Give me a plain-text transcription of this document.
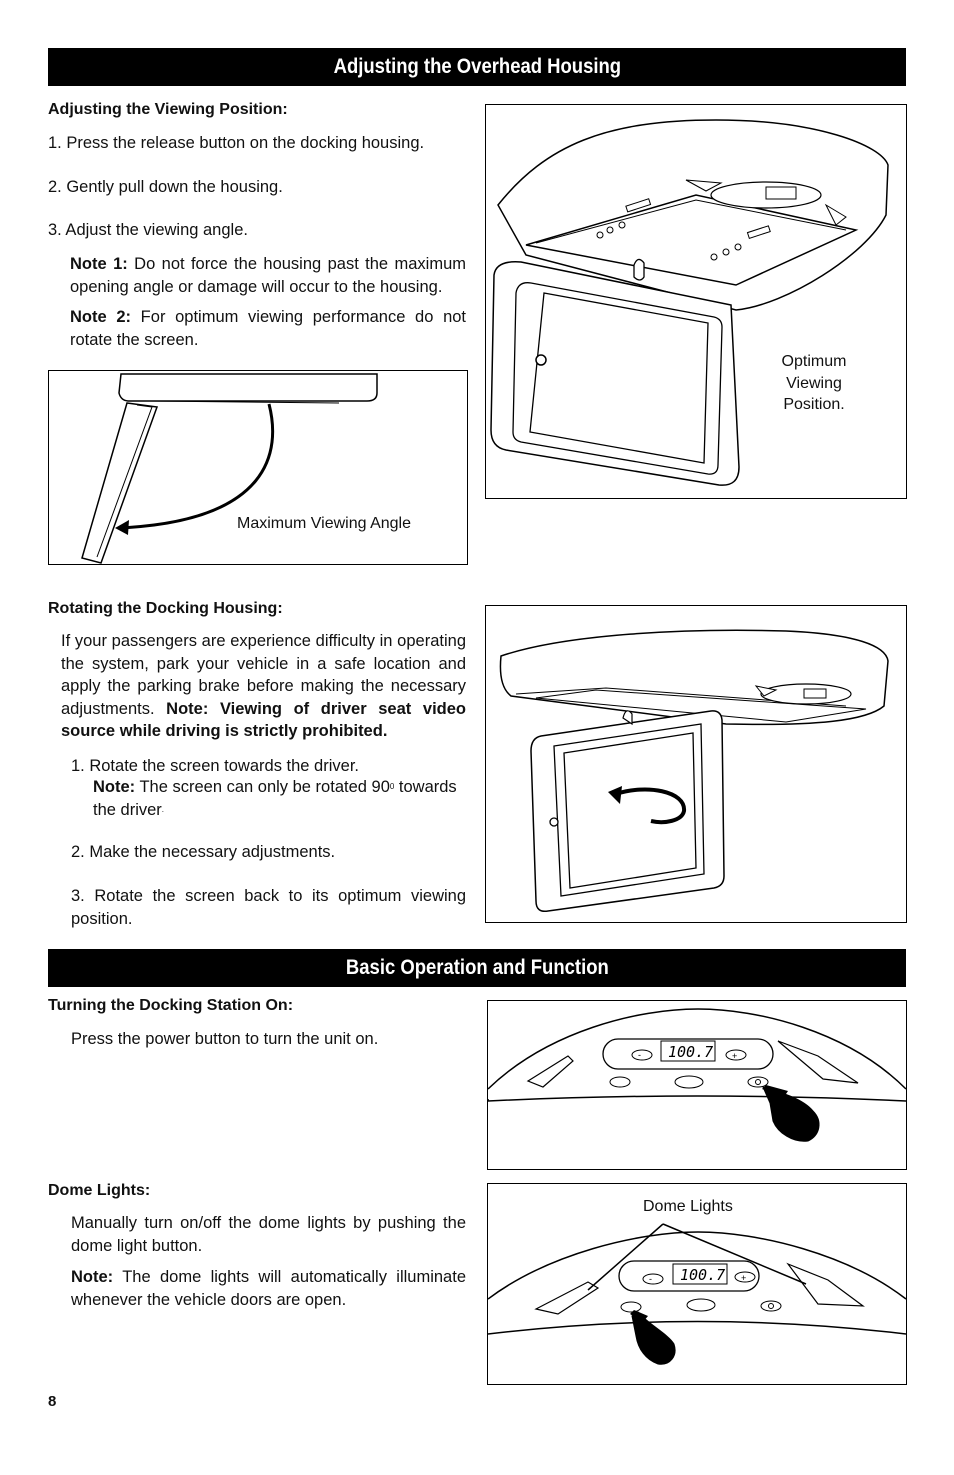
Adjusting the Overhead Housing
Adjusting the Viewing Position:
1. Press the release button on the docking housing.
2. Gently pull down the housing.
3. Adjust the viewing angle.
Note 1: Do not force the housing past the maximum opening angle or damage will occur to the housing.
Note 2: For optimum viewing performance do not rotate the screen.
Maximum Viewing Angle
Optimum Viewing Position.
Rotating the Docking Housing:
If your passengers are experience difficulty in operating the system, park your vehicle in a safe location and apply the parking brake before making the necessary adjustments. Note: Viewing of driver seat video source while driving is strictly prohibited.
1. Rotate the screen towards the driver.
Note: The screen can only be rotated $90^0$ towards the driver.
2. Make the necessary adjustments.
3. Rotate the screen back to its optimum viewing position.
Basic Operation and Function
Turning the Docking Station On:
Press the power button to turn the unit on.
-	+
100.7
Dome Lights:
Manually turn on/off the dome lights by pushing the dome light button.
Note: The dome lights will automatically illuminate whenever the vehicle doors are open.
-	+
100.7
Dome Lights
8
